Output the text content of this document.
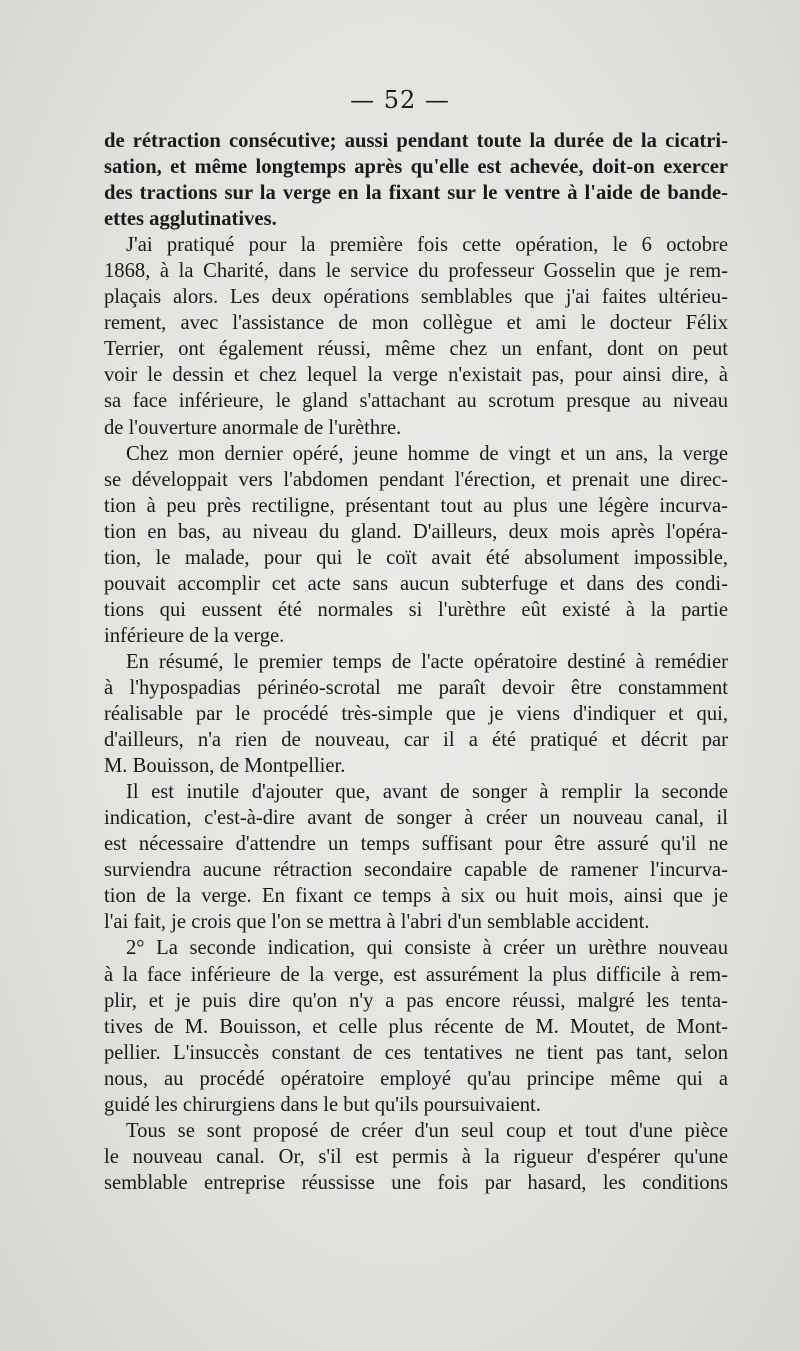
— 52 —
de rétraction consécutive; aussi pendant toute la durée de la cicatri-
sation, et même longtemps après qu'elle est achevée, doit-on exercer
des tractions sur la verge en la fixant sur le ventre à l'aide de bande-
ettes agglutinatives.
J'ai pratiqué pour la première fois cette opération, le 6 octobre
1868, à la Charité, dans le service du professeur Gosselin que je rem-
plaçais alors. Les deux opérations semblables que j'ai faites ultérieu-
rement, avec l'assistance de mon collègue et ami le docteur Félix
Terrier, ont également réussi, même chez un enfant, dont on peut
voir le dessin et chez lequel la verge n'existait pas, pour ainsi dire, à
sa face inférieure, le gland s'attachant au scrotum presque au niveau
de l'ouverture anormale de l'urèthre.
Chez mon dernier opéré, jeune homme de vingt et un ans, la verge
se développait vers l'abdomen pendant l'érection, et prenait une direc-
tion à peu près rectiligne, présentant tout au plus une légère incurva-
tion en bas, au niveau du gland. D'ailleurs, deux mois après l'opéra-
tion, le malade, pour qui le coït avait été absolument impossible,
pouvait accomplir cet acte sans aucun subterfuge et dans des condi-
tions qui eussent été normales si l'urèthre eût existé à la partie
inférieure de la verge.
En résumé, le premier temps de l'acte opératoire destiné à remédier
à l'hypospadias périnéo-scrotal me paraît devoir être constamment
réalisable par le procédé très-simple que je viens d'indiquer et qui,
d'ailleurs, n'a rien de nouveau, car il a été pratiqué et décrit par
M. Bouisson, de Montpellier.
Il est inutile d'ajouter que, avant de songer à remplir la seconde
indication, c'est-à-dire avant de songer à créer un nouveau canal, il
est nécessaire d'attendre un temps suffisant pour être assuré qu'il ne
surviendra aucune rétraction secondaire capable de ramener l'incurva-
tion de la verge. En fixant ce temps à six ou huit mois, ainsi que je
l'ai fait, je crois que l'on se mettra à l'abri d'un semblable accident.
2° La seconde indication, qui consiste à créer un urèthre nouveau
à la face inférieure de la verge, est assurément la plus difficile à rem-
plir, et je puis dire qu'on n'y a pas encore réussi, malgré les tenta-
tives de M. Bouisson, et celle plus récente de M. Moutet, de Mont-
pellier. L'insuccès constant de ces tentatives ne tient pas tant, selon
nous, au procédé opératoire employé qu'au principe même qui a
guidé les chirurgiens dans le but qu'ils poursuivaient.
Tous se sont proposé de créer d'un seul coup et tout d'une pièce
le nouveau canal. Or, s'il est permis à la rigueur d'espérer qu'une
semblable entreprise réussisse une fois par hasard, les conditions
